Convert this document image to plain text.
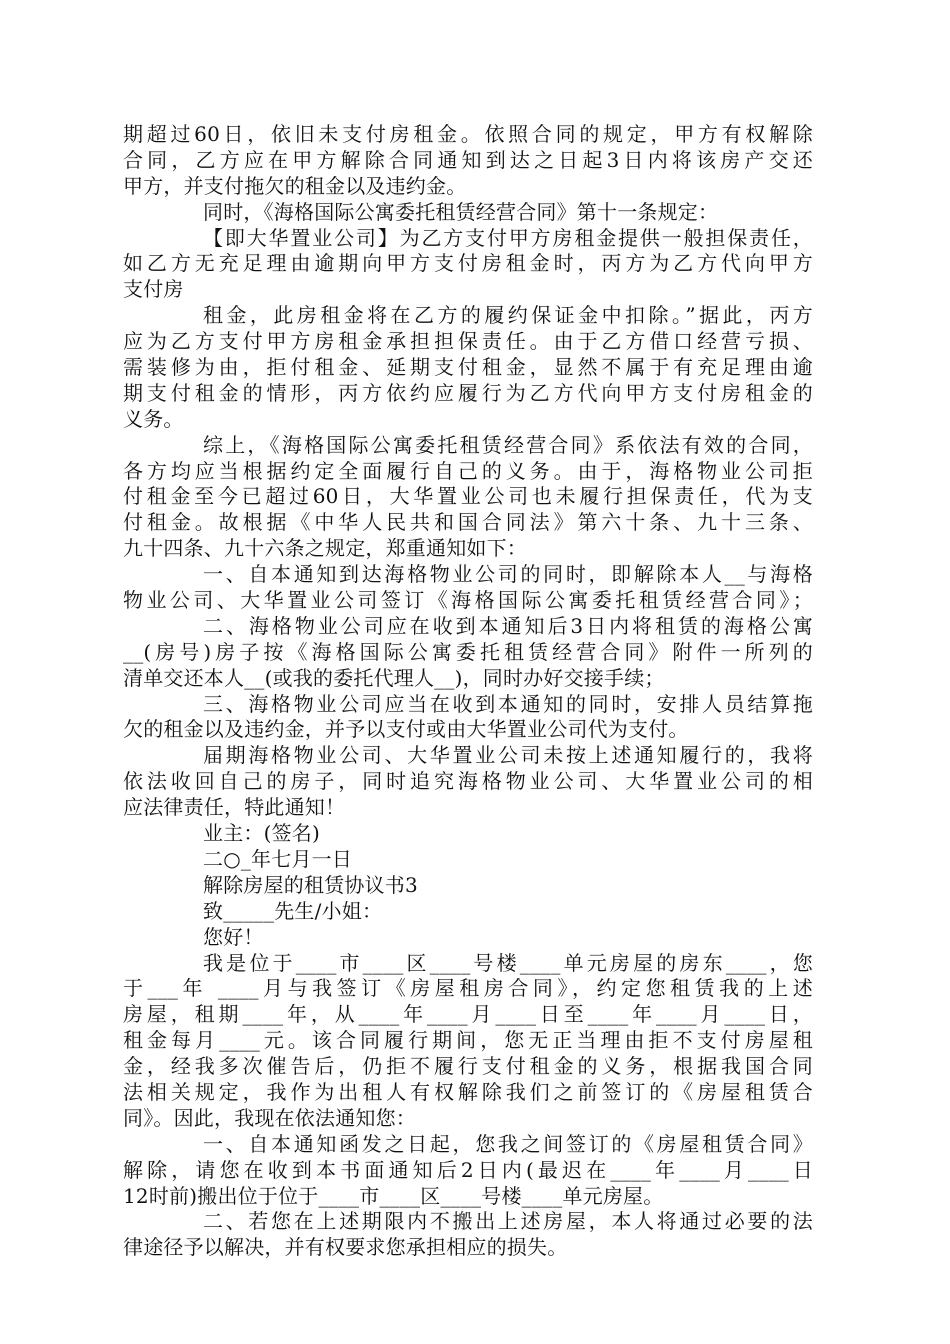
期超过60日，依旧未支付房租金。依照合同的规定，甲方有权解除
合同，乙方应在甲方解除合同通知到达之日起3日内将该房产交还
甲方，并支付拖欠的租金以及违约金。
同时，《海格国际公寓委托租赁经营合同》第十一条规定：
【即大华置业公司】为乙方支付甲方房租金提供一般担保责任，
如乙方无充足理由逾期向甲方支付房租金时，丙方为乙方代向甲方
支付房
租金，此房租金将在乙方的履约保证金中扣除。”据此，丙方
应为乙方支付甲方房租金承担担保责任。由于乙方借口经营亏损、
需装修为由，拒付租金、延期支付租金，显然不属于有充足理由逾
期支付租金的情形，丙方依约应履行为乙方代向甲方支付房租金的
义务。
综上，《海格国际公寓委托租赁经营合同》系依法有效的合同，
各方均应当根据约定全面履行自己的义务。由于，海格物业公司拒
付租金至今已超过60日，大华置业公司也未履行担保责任，代为支
付租金。故根据《中华人民共和国合同法》第六十条、九十三条、
九十四条、九十六条之规定，郑重通知如下：
一、自本通知到达海格物业公司的同时，即解除本人__与海格
物业公司、大华置业公司签订《海格国际公寓委托租赁经营合同》；
二、海格物业公司应在收到本通知后3日内将租赁的海格公寓
__(房号)房子按《海格国际公寓委托租赁经营合同》附件一所列的
清单交还本人__(或我的委托代理人__)，同时办好交接手续；
三、海格物业公司应当在收到本通知的同时，安排人员结算拖
欠的租金以及违约金，并予以支付或由大华置业公司代为支付。
届期海格物业公司、大华置业公司未按上述通知履行的，我将
依法收回自己的房子，同时追究海格物业公司、大华置业公司的相
应法律责任，特此通知！
业主：(签名)
二○_年七月一日
解除房屋的租赁协议书3
致_____先生/小姐：
您好！
我是位于____市____区____号楼____单元房屋的房东____，您
于___年 ____月与我签订《房屋租房合同》，约定您租赁我的上述
房屋，租期____年，从____年____月____日至____年____月____日，
租金每月____元。该合同履行期间，您无正当理由拒不支付房屋租
金，经我多次催告后，仍拒不履行支付租金的义务，根据我国合同
法相关规定，我作为出租人有权解除我们之前签订的《房屋租赁合
同》。因此，我现在依法通知您：
一、自本通知函发之日起，您我之间签订的《房屋租赁合同》
解除，请您在收到本书面通知后2日内(最迟在____年____月____日
12时前)搬出位于位于____市____区____号楼____单元房屋。
二、若您在上述期限内不搬出上述房屋，本人将通过必要的法
律途径予以解决，并有权要求您承担相应的损失。
